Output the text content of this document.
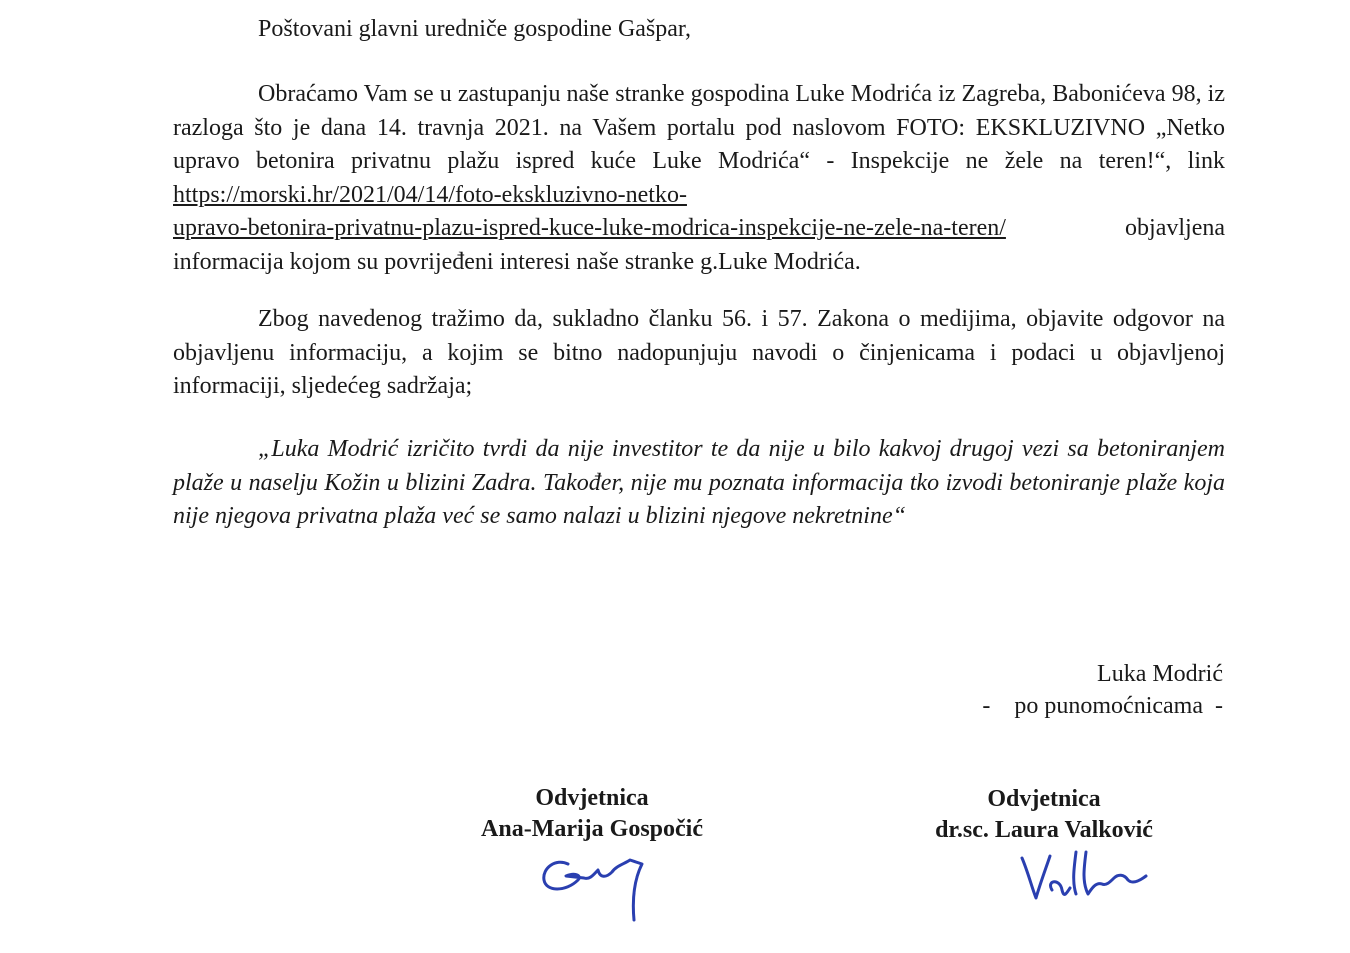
Poštovani glavni uredniče gospodine Gašpar,
Obraćamo Vam se u zastupanju naše stranke gospodina Luke Modrića iz Zagreba, Babonićeva 98, iz razloga što je dana 14. travnja 2021. na Vašem portalu pod naslovom FOTO: EKSKLUZIVNO „Netko upravo betonira privatnu plažu ispred kuće Luke Modrića“ - Inspekcije ne žele na teren!“, link https://morski.hr/2021/04/14/foto-ekskluzivno-netko-upravo-betonira-privatnu-plazu-ispred-kuce-luke-modrica-inspekcije-ne-zele-na-teren/	objavljena informacija kojom su povrijeđeni interesi naše stranke g.Luke Modrića.
Zbog navedenog tražimo da, sukladno članku 56. i 57. Zakona o medijima, objavite odgovor na objavljenu informaciju, a kojim se bitno nadopunjuju navodi o činjenicama i podaci u objavljenoj informaciji, sljedećeg sadržaja;
„Luka Modrić izričito tvrdi da nije investitor te da nije u bilo kakvoj drugoj vezi sa betoniranjem plaže u naselju Kožin u blizini Zadra. Također, nije mu poznata informacija tko izvodi betoniranje plaže koja nije njegova privatna plaža već se samo nalazi u blizini njegove nekretnine“
Luka Modrić
-    po punomoćnicama  -
Odvjetnica
Ana-Marija Gospočić
Odvjetnica
dr.sc. Laura Valković
